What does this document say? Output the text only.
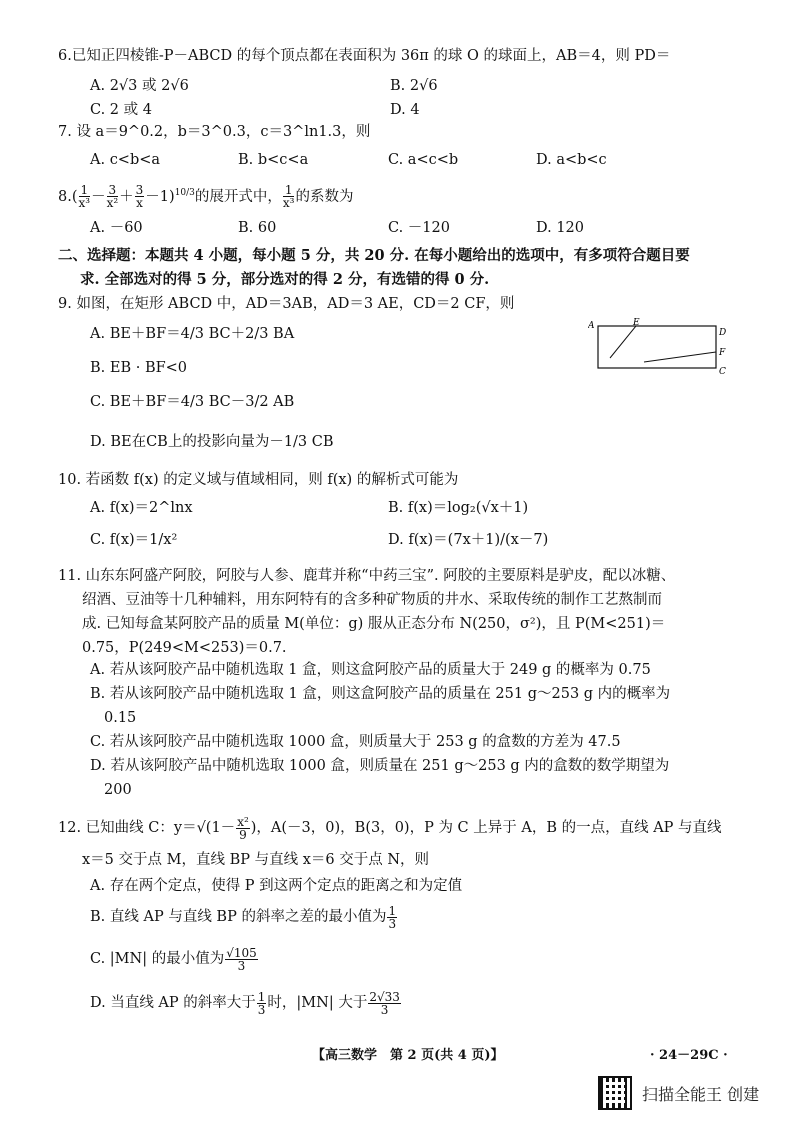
6.已知正四棱锥-P－ABCD 的每个顶点都在表面积为 36π 的球 O 的球面上，AB＝4，则 PD＝
A. 2√3 或 2√6	B. 2√6
C. 2 或 4	D. 4
7. 设 a＝9^0.2，b＝3^0.3，c＝3^ln1.3，则
A. c<b<a	B. b<c<a	C. a<c<b	D. a<b<c
$8.( \frac{1}{\text{x³}} - \frac{3}{\text{x²}} + \frac{3}{x} -1)^{10/3}$的展开式中， $\frac{1}{\text{x³}}$ 的系数为
A. －60	B. 60	C. －120	D. 120
二、选择题：本题共 4 小题，每小题 5 分，共 20 分. 在每小题给出的选项中，有多项符合题目要
求. 全部选对的得 5 分，部分选对的得 2 分，有选错的得 0 分.
9. 如图，在矩形 ABCD 中，AD＝3AB，AD＝3 AE，CD＝2 CF，则
A. BE＋BF＝4/3 BC＋2/3 BA
B. EB · BF<0
C. BE＋BF＝4/3 BC－3/2 AB
D. BE在CB上的投影向量为－1/3 CB
A	E
D
F
C
10. 若函数 f(x) 的定义域与值域相同，则 f(x) 的解析式可能为
A. f(x)＝2^lnx	B. f(x)＝log₂(√x＋1)
C. f(x)＝1/x²	D. f(x)＝(7x＋1)/(x－7)
11. 山东东阿盛产阿胶，阿胶与人参、鹿茸并称“中药三宝”. 阿胶的主要原料是驴皮，配以冰糖、
绍酒、豆油等十几种辅料，用东阿特有的含多种矿物质的井水、采取传统的制作工艺熬制而
成. 已知每盒某阿胶产品的质量 M(单位：g) 服从正态分布 N(250，σ²)，且 P(M<251)＝
0.75，P(249<M<253)＝0.7.
A. 若从该阿胶产品中随机选取 1 盒，则这盒阿胶产品的质量大于 249 g 的概率为 0.75
B. 若从该阿胶产品中随机选取 1 盒，则这盒阿胶产品的质量在 251 g～253 g 内的概率为
0.15
C. 若从该阿胶产品中随机选取 1000 盒，则质量大于 253 g 的盒数的方差为 47.5
D. 若从该阿胶产品中随机选取 1000 盒，则质量在 251 g～253 g 内的盒数的数学期望为
200
12. 已知曲线 C：$y=√(1- \frac{\text{x²}}{9}$ )，A(－3，0)，B(3，0)，P 为 C 上异于 A，B 的一点，直线 AP 与直线
x＝5 交于点 M，直线 BP 与直线 x＝6 交于点 N，则
A. 存在两个定点，使得 P 到这两个定点的距离之和为定值
B. 直线 AP 与直线 BP 的斜率之差的最小值为 $\frac{1}{3}$
C. |MN| 的最小值为 $\frac{√105}{3}$
D. 当直线 AP 的斜率大于 $\frac{1}{3}$ 时，|MN| 大于 $\frac{2√33}{3}$
【高三数学　第 2 页(共 4 页)】	· 24－29C ·
扫描全能王 创建
